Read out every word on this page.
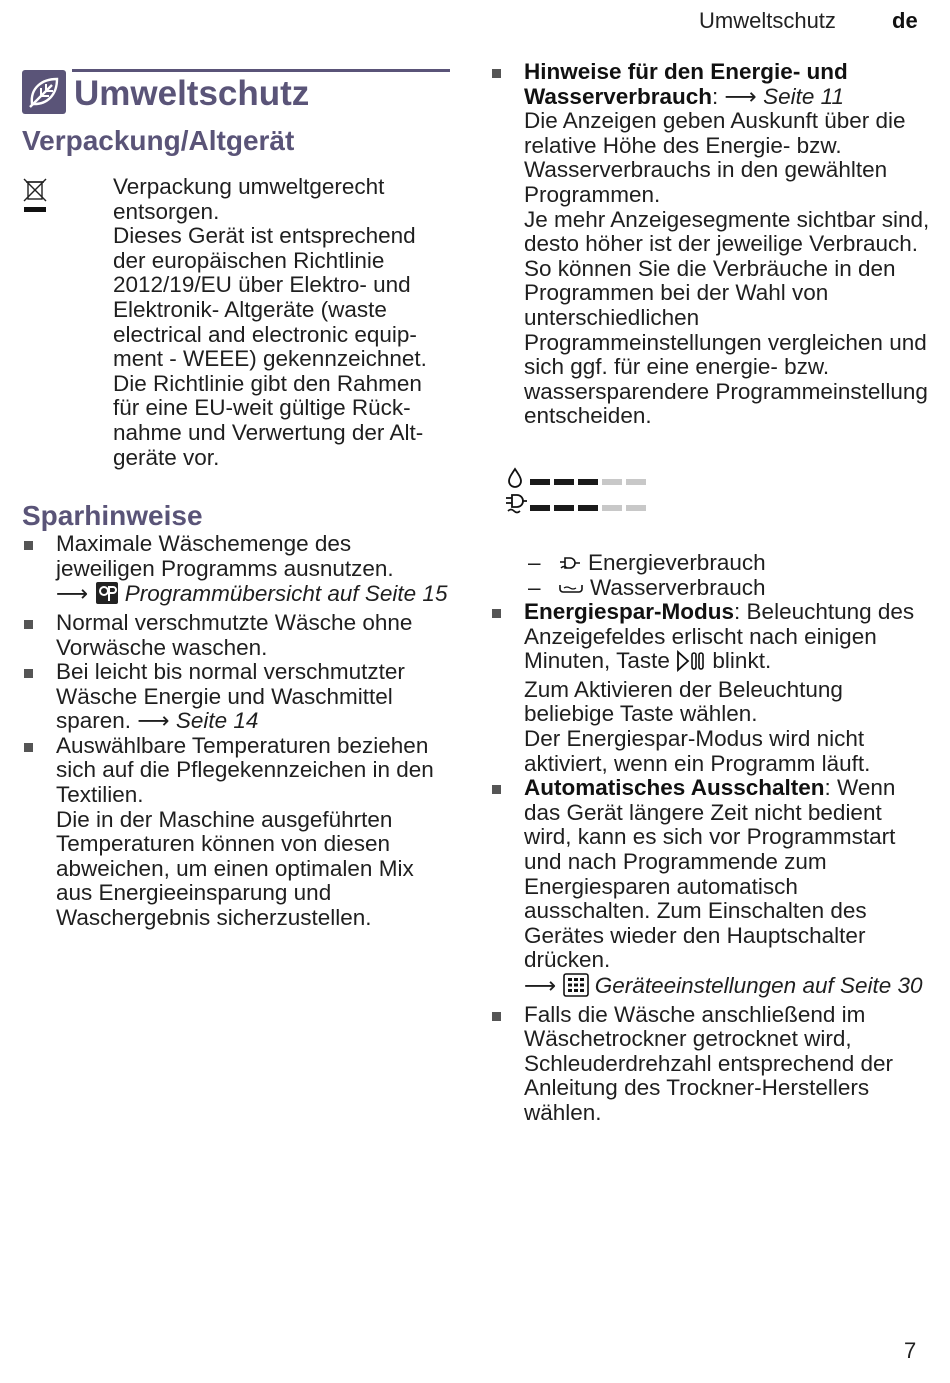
Umweltschutz	de
Umweltschutz
Verpackung/Altgerät
Verpackung umweltgerecht entsorgen.
Dieses Gerät ist entsprechend der europäischen Richtlinie 2012/19/EU über Elektro- und Elektronik- Altgeräte (waste electrical and electronic equip-ment - WEEE) gekennzeichnet.
Die Richtlinie gibt den Rahmen für eine EU-weit gültige Rück-nahme und Verwertung der Alt-geräte vor.
Sparhinweise
Maximale Wäschemenge des jeweiligen Programms ausnutzen.
⟶ Programmübersicht auf Seite 15
Normal verschmutzte Wäsche ohne Vorwäsche waschen.
Bei leicht bis normal verschmutzter Wäsche Energie und Waschmittel sparen. ⟶ Seite 14
Auswählbare Temperaturen beziehen sich auf die Pflegekennzeichen in den Textilien.
Die in der Maschine ausgeführten Temperaturen können von diesen abweichen, um einen optimalen Mix aus Energieeinsparung und Waschergebnis sicherzustellen.
Hinweise für den Energie- und Wasserverbrauch: ⟶ Seite 11
Die Anzeigen geben Auskunft über die relative Höhe des Energie- bzw. Wasserverbrauchs in den gewählten Programmen.
Je mehr Anzeigesegmente sichtbar sind, desto höher ist der jeweilige Verbrauch.
So können Sie die Verbräuche in den Programmen bei der Wahl von unterschiedlichen Programmeinstellungen vergleichen und sich ggf. für eine energie- bzw. wassersparendere Programmeinstellung entscheiden.
–	Energieverbrauch
–	Wasserverbrauch
Energiespar-Modus: Beleuchtung des Anzeigefeldes erlischt nach einigen Minuten, Taste  blinkt.
Zum Aktivieren der Beleuchtung beliebige Taste wählen.
Der Energiespar-Modus wird nicht aktiviert, wenn ein Programm läuft.
Automatisches Ausschalten: Wenn das Gerät längere Zeit nicht bedient wird, kann es sich vor Programmstart und nach Programmende zum Energiesparen automatisch ausschalten. Zum Einschalten des Gerätes wieder den Hauptschalter drücken.
⟶ Geräteeinstellungen auf Seite 30
Falls die Wäsche anschließend im Wäschetrockner getrocknet wird, Schleuderdrehzahl entsprechend der Anleitung des Trockner-Herstellers wählen.
7
